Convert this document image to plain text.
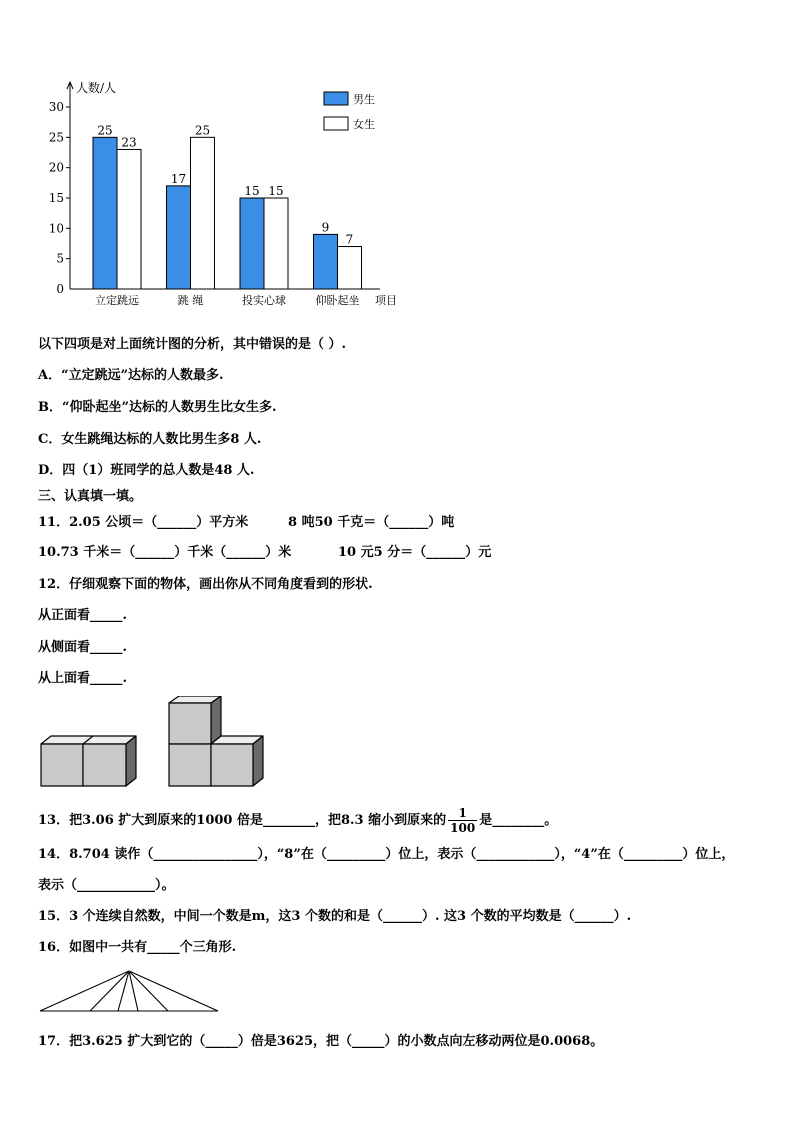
0
5
10
15
20
25
30
人数/人
项目
25
23
立定跳远
17
25
跳 绳
15 15
投实心球
9
7
仰卧起坐
男生
女生
以下四项是对上面统计图的分析，其中错误的是（ ）.
A．“立定跳远”达标的人数最多.
B．“仰卧起坐”达标的人数男生比女生多.
C．女生跳绳达标的人数比男生多8 人.
D．四（1）班同学的总人数是48 人.
三、认真填一填。
11．2.05 公顷＝（______）平方米	8 吨50 千克＝（______）吨
10.73 千米＝（______）千米（______）米	10 元5 分＝（______）元
12．仔细观察下面的物体，画出你从不同角度看到的形状.
从正面看_____.
从侧面看_____.
从上面看_____.
13．把3.06 扩大到原来的1000 倍是________，把8.3 缩小到原来的 $\frac{1}{100}$ 是________。
14．8.704 读作（________________），“8”在（_________）位上，表示（____________），“4”在（_________）位上，
表示（____________）。
15．3 个连续自然数，中间一个数是m，这3 个数的和是（______）. 这3 个数的平均数是（______）.
16．如图中一共有_____个三角形.
17．把3.625 扩大到它的（_____）倍是3625，把（_____）的小数点向左移动两位是0.0068。
